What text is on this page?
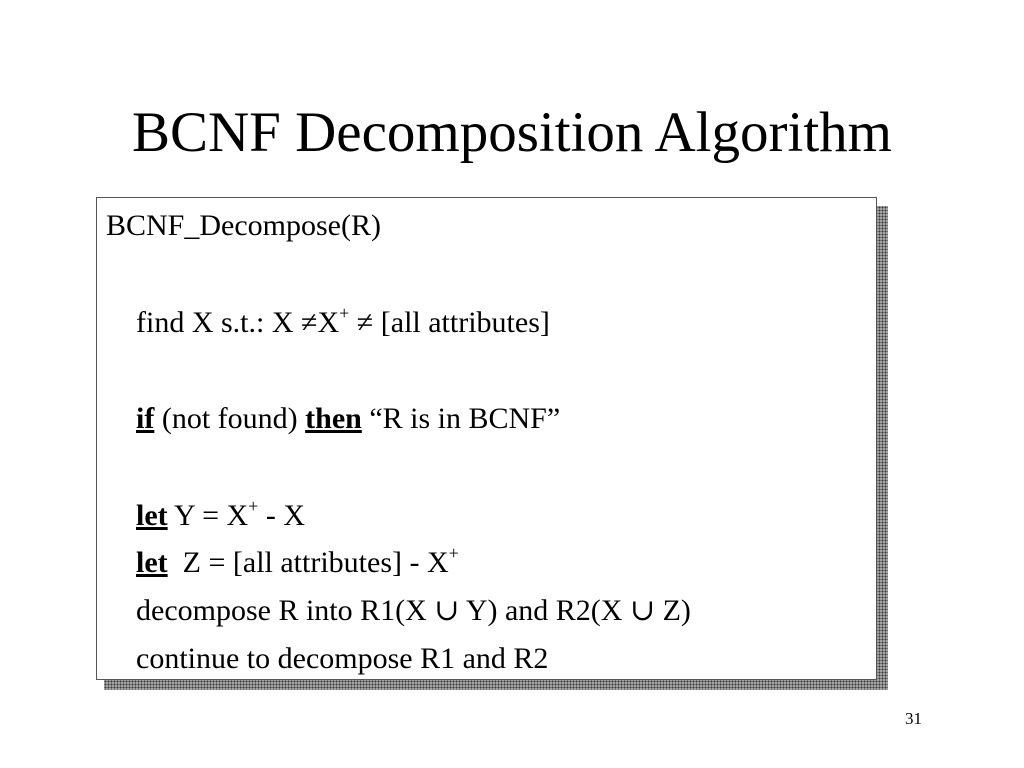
BCNF Decomposition Algorithm
BCNF_Decompose(R)
find X s.t.: X ≠X+ ≠ [all attributes]
if (not found) then “R is in BCNF”
let Y = X+ - X
let  Z = [all attributes] - X+
decompose R into R1(X ∪ Y) and R2(X ∪ Z)
continue to decompose R1 and R2
31
